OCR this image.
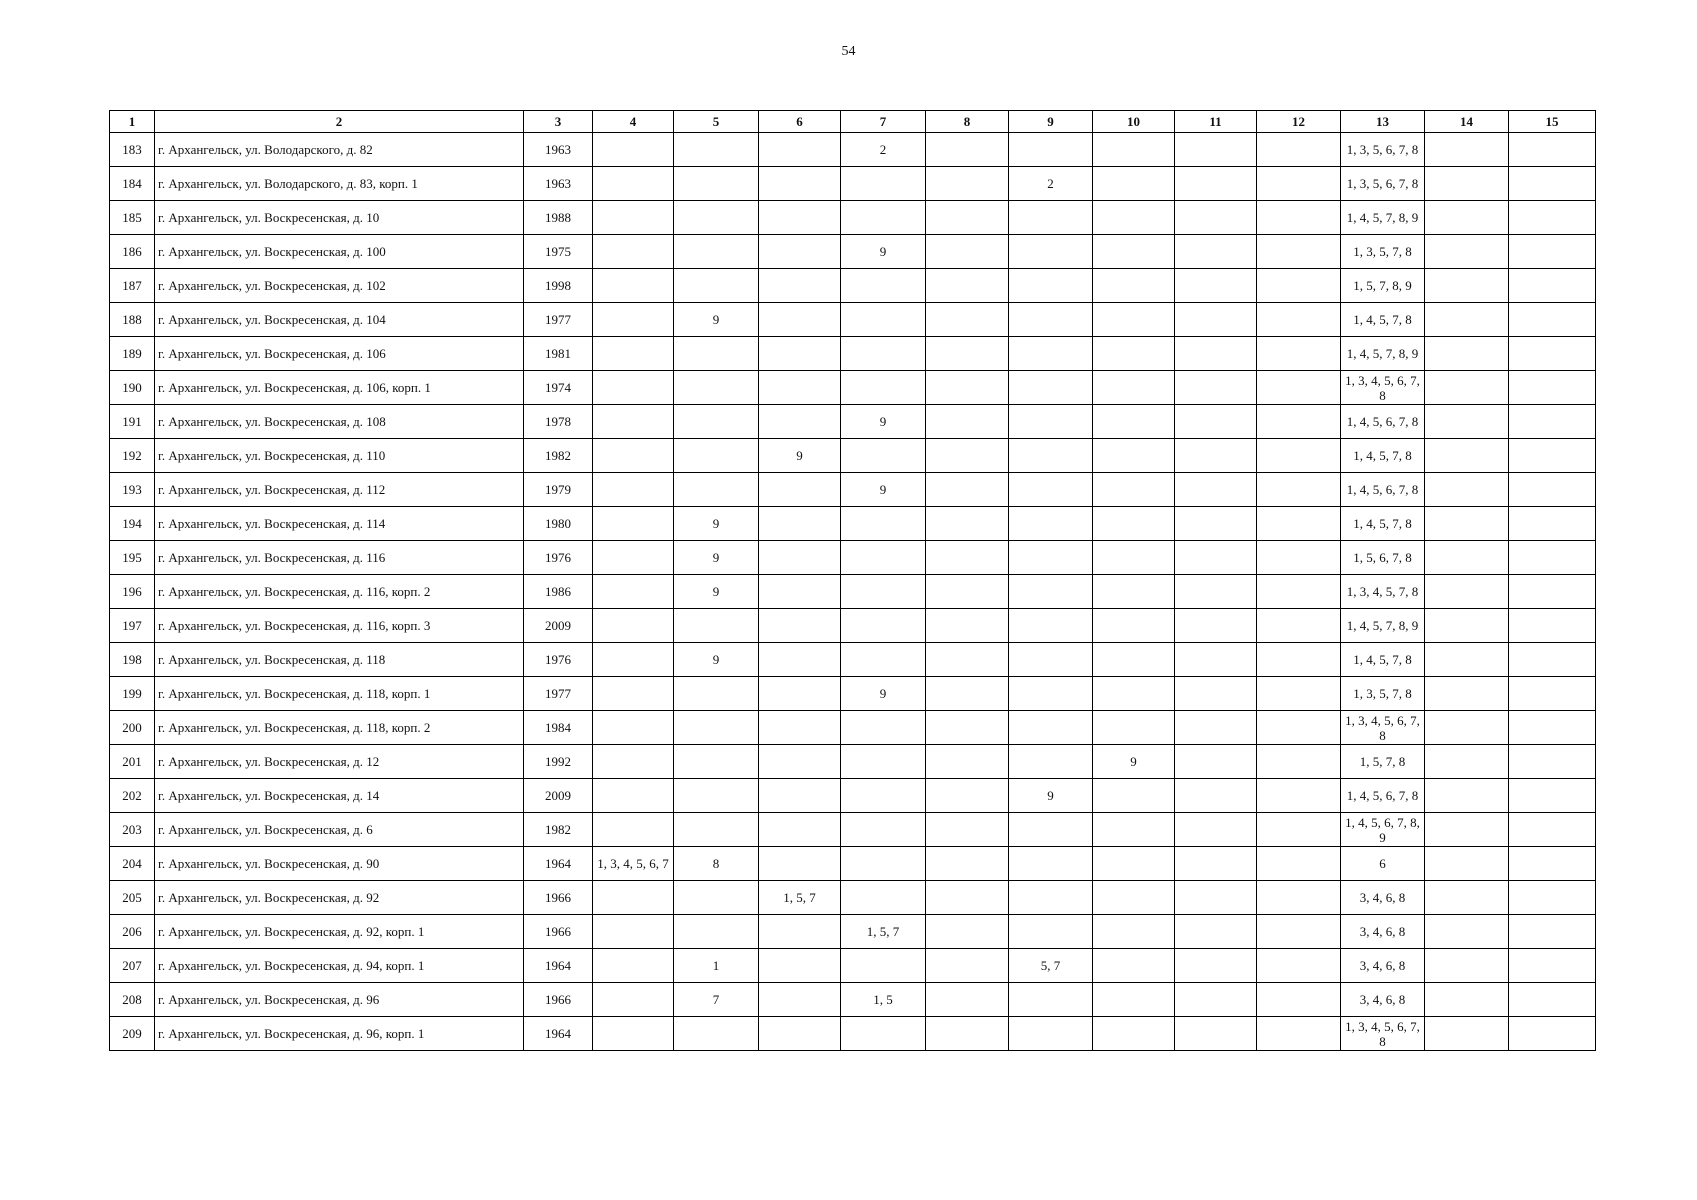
54
1	2	3	4	5	6	7	8	9	10	11	12	13	14	15
183	г. Архангельск, ул. Володарского, д. 82	1963				2						1, 3, 5, 6, 7, 8		
184	г. Архангельск, ул. Володарского, д. 83, корп. 1	1963						2				1, 3, 5, 6, 7, 8		
185	г. Архангельск, ул. Воскресенская, д. 10	1988										1, 4, 5, 7, 8, 9		
186	г. Архангельск, ул. Воскресенская, д. 100	1975				9						1, 3, 5, 7, 8		
187	г. Архангельск, ул. Воскресенская, д. 102	1998										1, 5, 7, 8, 9		
188	г. Архангельск, ул. Воскресенская, д. 104	1977		9								1, 4, 5, 7, 8		
189	г. Архангельск, ул. Воскресенская, д. 106	1981										1, 4, 5, 7, 8, 9		
190	г. Архангельск, ул. Воскресенская, д. 106, корп. 1	1974										1, 3, 4, 5, 6, 7, 8		
191	г. Архангельск, ул. Воскресенская, д. 108	1978				9						1, 4, 5, 6, 7, 8		
192	г. Архангельск, ул. Воскресенская, д. 110	1982			9							1, 4, 5, 7, 8		
193	г. Архангельск, ул. Воскресенская, д. 112	1979				9						1, 4, 5, 6, 7, 8		
194	г. Архангельск, ул. Воскресенская, д. 114	1980		9								1, 4, 5, 7, 8		
195	г. Архангельск, ул. Воскресенская, д. 116	1976		9								1, 5, 6, 7, 8		
196	г. Архангельск, ул. Воскресенская, д. 116, корп. 2	1986		9								1, 3, 4, 5, 7, 8		
197	г. Архангельск, ул. Воскресенская, д. 116, корп. 3	2009										1, 4, 5, 7, 8, 9		
198	г. Архангельск, ул. Воскресенская, д. 118	1976		9								1, 4, 5, 7, 8		
199	г. Архангельск, ул. Воскресенская, д. 118, корп. 1	1977				9						1, 3, 5, 7, 8		
200	г. Архангельск, ул. Воскресенская, д. 118, корп. 2	1984										1, 3, 4, 5, 6, 7, 8		
201	г. Архангельск, ул. Воскресенская, д. 12	1992							9			1, 5, 7, 8		
202	г. Архангельск, ул. Воскресенская, д. 14	2009						9				1, 4, 5, 6, 7, 8		
203	г. Архангельск, ул. Воскресенская, д. 6	1982										1, 4, 5, 6, 7, 8, 9		
204	г. Архангельск, ул. Воскресенская, д. 90	1964	1, 3, 4, 5, 6, 7	8								6		
205	г. Архангельск, ул. Воскресенская, д. 92	1966			1, 5, 7							3, 4, 6, 8		
206	г. Архангельск, ул. Воскресенская, д. 92, корп. 1	1966				1, 5, 7						3, 4, 6, 8		
207	г. Архангельск, ул. Воскресенская, д. 94, корп. 1	1964		1				5, 7				3, 4, 6, 8		
208	г. Архангельск, ул. Воскресенская, д. 96	1966		7		1, 5						3, 4, 6, 8		
209	г. Архангельск, ул. Воскресенская, д. 96, корп. 1	1964										1, 3, 4, 5, 6, 7, 8		
